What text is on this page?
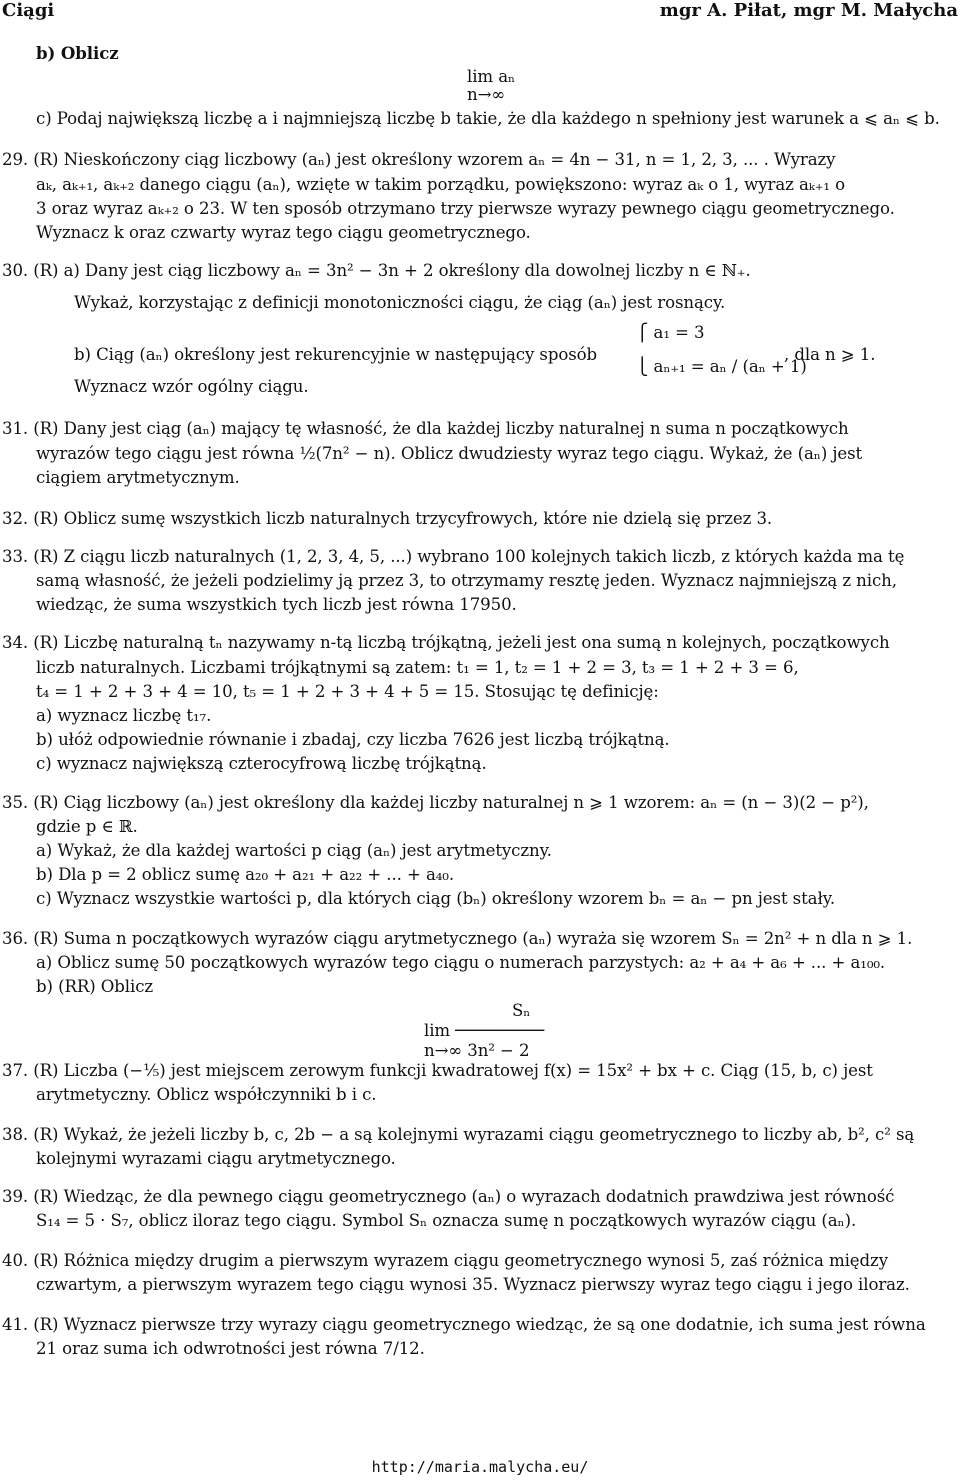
Ciągi	mgr A. Piłat, mgr M. Małycha
b) Oblicz
lim aₙ
n→∞
c) Podaj największą liczbę a i najmniejszą liczbę b takie, że dla każdego n spełniony jest warunek a ⩽ aₙ ⩽ b.
29. (R) Nieskończony ciąg liczbowy (aₙ) jest określony wzorem aₙ = 4n − 31, n = 1, 2, 3, ... . Wyrazy
aₖ, aₖ₊₁, aₖ₊₂ danego ciągu (aₙ), wzięte w takim porządku, powiększono: wyraz aₖ o 1, wyraz aₖ₊₁ o
3 oraz wyraz aₖ₊₂ o 23. W ten sposób otrzymano trzy pierwsze wyrazy pewnego ciągu geometrycznego.
Wyznacz k oraz czwarty wyraz tego ciągu geometrycznego.
30. (R) a) Dany jest ciąg liczbowy aₙ = 3n² − 3n + 2 określony dla dowolnej liczby n ∈ ℕ₊.
Wykaż, korzystając z definicji monotoniczności ciągu, że ciąg (aₙ) jest rosnący.
⎧ a₁ = 3
b) Ciąg (aₙ) określony jest rekurencyjnie w następujący sposób	, dla n ⩾ 1.
⎩ aₙ₊₁ = aₙ / (aₙ + 1)
Wyznacz wzór ogólny ciągu.
31. (R) Dany jest ciąg (aₙ) mający tę własność, że dla każdej liczby naturalnej n suma n początkowych
wyrazów tego ciągu jest równa ½(7n² − n). Oblicz dwudziesty wyraz tego ciągu. Wykaż, że (aₙ) jest
ciągiem arytmetycznym.
32. (R) Oblicz sumę wszystkich liczb naturalnych trzycyfrowych, które nie dzielą się przez 3.
33. (R) Z ciągu liczb naturalnych (1, 2, 3, 4, 5, ...) wybrano 100 kolejnych takich liczb, z których każda ma tę
samą własność, że jeżeli podzielimy ją przez 3, to otrzymamy resztę jeden. Wyznacz najmniejszą z nich,
wiedząc, że suma wszystkich tych liczb jest równa 17950.
34. (R) Liczbę naturalną tₙ nazywamy n-tą liczbą trójkątną, jeżeli jest ona sumą n kolejnych, początkowych
liczb naturalnych. Liczbami trójkątnymi są zatem: t₁ = 1, t₂ = 1 + 2 = 3, t₃ = 1 + 2 + 3 = 6,
t₄ = 1 + 2 + 3 + 4 = 10, t₅ = 1 + 2 + 3 + 4 + 5 = 15. Stosując tę definicję:
a) wyznacz liczbę t₁₇.
b) ułóż odpowiednie równanie i zbadaj, czy liczba 7626 jest liczbą trójkątną.
c) wyznacz największą czterocyfrową liczbę trójkątną.
35. (R) Ciąg liczbowy (aₙ) jest określony dla każdej liczby naturalnej n ⩾ 1 wzorem: aₙ = (n − 3)(2 − p²),
gdzie p ∈ ℝ.
a) Wykaż, że dla każdej wartości p ciąg (aₙ) jest arytmetyczny.
b) Dla p = 2 oblicz sumę a₂₀ + a₂₁ + a₂₂ + ... + a₄₀.
c) Wyznacz wszystkie wartości p, dla których ciąg (bₙ) określony wzorem bₙ = aₙ − pn jest stały.
36. (R) Suma n początkowych wyrazów ciągu arytmetycznego (aₙ) wyraża się wzorem Sₙ = 2n² + n dla n ⩾ 1.
a) Oblicz sumę 50 początkowych wyrazów tego ciągu o numerach parzystych: a₂ + a₄ + a₆ + ... + a₁₀₀.
b) (RR) Oblicz
Sₙ
lim ─────────
n→∞ 3n² − 2
37. (R) Liczba (−⅕) jest miejscem zerowym funkcji kwadratowej f(x) = 15x² + bx + c. Ciąg (15, b, c) jest
arytmetyczny. Oblicz współczynniki b i c.
38. (R) Wykaż, że jeżeli liczby b, c, 2b − a są kolejnymi wyrazami ciągu geometrycznego to liczby ab, b², c² są
kolejnymi wyrazami ciągu arytmetycznego.
39. (R) Wiedząc, że dla pewnego ciągu geometrycznego (aₙ) o wyrazach dodatnich prawdziwa jest równość
S₁₄ = 5 · S₇, oblicz iloraz tego ciągu. Symbol Sₙ oznacza sumę n początkowych wyrazów ciągu (aₙ).
40. (R) Różnica między drugim a pierwszym wyrazem ciągu geometrycznego wynosi 5, zaś różnica między
czwartym, a pierwszym wyrazem tego ciągu wynosi 35. Wyznacz pierwszy wyraz tego ciągu i jego iloraz.
41. (R) Wyznacz pierwsze trzy wyrazy ciągu geometrycznego wiedząc, że są one dodatnie, ich suma jest równa
21 oraz suma ich odwrotności jest równa 7/12.
http://maria.malycha.eu/
